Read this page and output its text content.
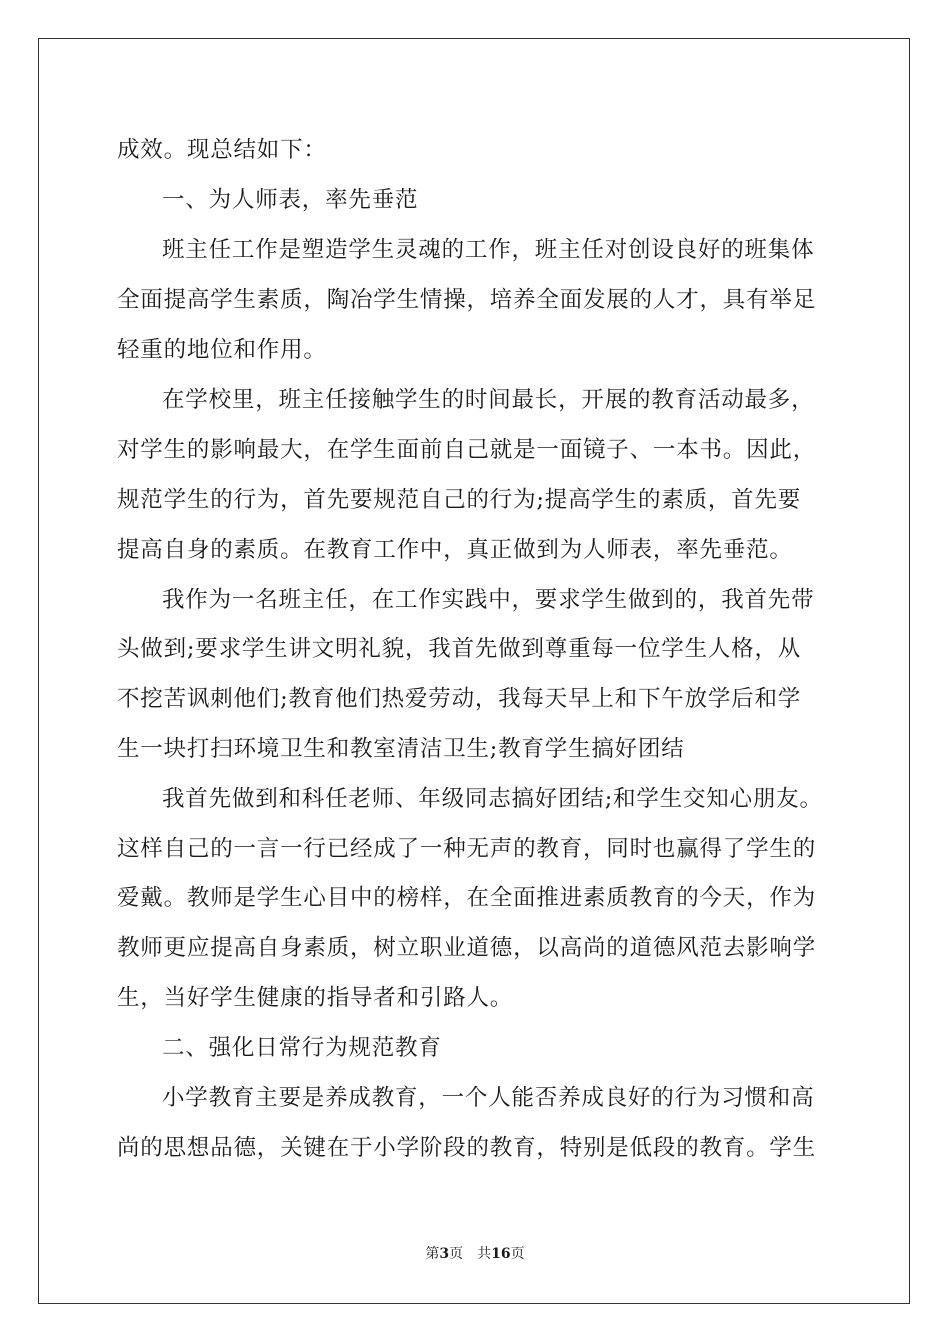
成效。现总结如下：
一、为人师表，率先垂范
班主任工作是塑造学生灵魂的工作，班主任对创设良好的班集体
全面提高学生素质，陶冶学生情操，培养全面发展的人才，具有举足
轻重的地位和作用。
在学校里，班主任接触学生的时间最长，开展的教育活动最多，
对学生的影响最大，在学生面前自己就是一面镜子、一本书。因此，
规范学生的行为，首先要规范自己的行为;提高学生的素质，首先要
提高自身的素质。在教育工作中，真正做到为人师表，率先垂范。
我作为一名班主任，在工作实践中，要求学生做到的，我首先带
头做到;要求学生讲文明礼貌，我首先做到尊重每一位学生人格，从
不挖苦讽刺他们;教育他们热爱劳动，我每天早上和下午放学后和学
生一块打扫环境卫生和教室清洁卫生;教育学生搞好团结
我首先做到和科任老师、年级同志搞好团结;和学生交知心朋友。
这样自己的一言一行已经成了一种无声的教育，同时也赢得了学生的
爱戴。教师是学生心目中的榜样，在全面推进素质教育的今天，作为
教师更应提高自身素质，树立职业道德，以高尚的道德风范去影响学
生，当好学生健康的指导者和引路人。
二、强化日常行为规范教育
小学教育主要是养成教育，一个人能否养成良好的行为习惯和高
尚的思想品德，关键在于小学阶段的教育，特别是低段的教育。学生
第3页 共16页
